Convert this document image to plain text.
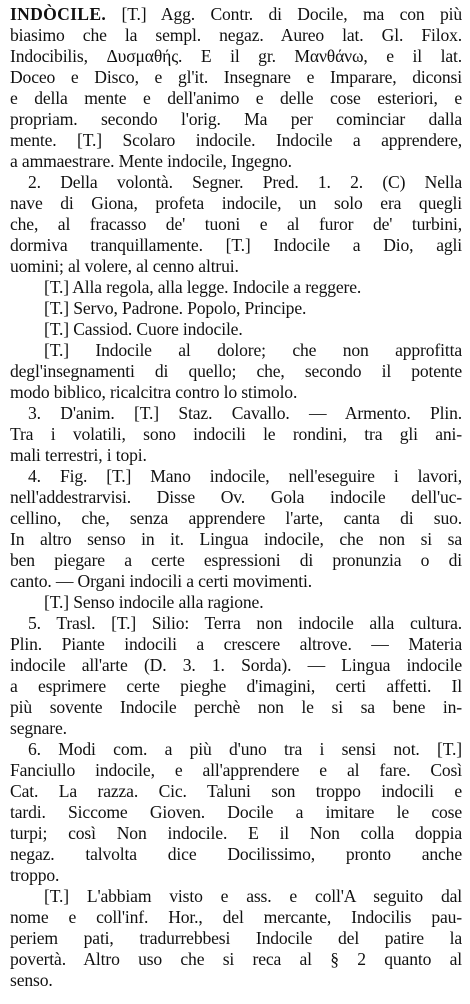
INDÒCILE. [T.] Agg. Contr. di Docile, ma con più
biasimo che la sempl. negaz. Aureo lat. Gl. Filox.
Indocibilis, Δυσμαθής. E il gr. Μανθάνω, e il lat.
Doceo e Disco, e gl'it. Insegnare e Imparare, diconsi
e della mente e dell'animo e delle cose esteriori, e
propriam. secondo l'orig. Ma per cominciar dalla
mente. [T.] Scolaro indocile. Indocile a apprendere,
a ammaestrare. Mente indocile, Ingegno.
2. Della volontà. Segner. Pred. 1. 2. (C) Nella
nave di Giona, profeta indocile, un solo era quegli
che, al fracasso de' tuoni e al furor de' turbini,
dormiva tranquillamente. [T.] Indocile a Dio, agli
uomini; al volere, al cenno altrui.
[T.] Alla regola, alla legge. Indocile a reggere.
[T.] Servo, Padrone. Popolo, Principe.
[T.] Cassiod. Cuore indocile.
[T.] Indocile al dolore; che non approfitta
degl'insegnamenti di quello; che, secondo il potente
modo biblico, ricalcitra contro lo stimolo.
3. D'anim. [T.] Staz. Cavallo. — Armento. Plin.
Tra i volatili, sono indocili le rondini, tra gli ani-
mali terrestri, i topi.
4. Fig. [T.] Mano indocile, nell'eseguire i lavori,
nell'addestrarvisi. Disse Ov. Gola indocile dell'uc-
cellino, che, senza apprendere l'arte, canta di suo.
In altro senso in it. Lingua indocile, che non si sa
ben piegare a certe espressioni di pronunzia o di
canto. — Organi indocili a certi movimenti.
[T.] Senso indocile alla ragione.
5. Trasl. [T.] Silio: Terra non indocile alla cultura.
Plin. Piante indocili a crescere altrove. — Materia
indocile all'arte (D. 3. 1. Sorda). — Lingua indocile
a esprimere certe pieghe d'imagini, certi affetti. Il
più sovente Indocile perchè non le si sa bene in-
segnare.
6. Modi com. a più d'uno tra i sensi not. [T.]
Fanciullo indocile, e all'apprendere e al fare. Così
Cat. La razza. Cic. Taluni son troppo indocili e
tardi. Siccome Gioven. Docile a imitare le cose
turpi; così Non indocile. E il Non colla doppia
negaz. talvolta dice Docilissimo, pronto anche
troppo.
[T.] L'abbiam visto e ass. e coll'A seguito dal
nome e coll'inf. Hor., del mercante, Indocilis pau-
periem pati, tradurrebbesi Indocile del patire la
povertà. Altro uso che si reca al § 2 quanto al
senso.
